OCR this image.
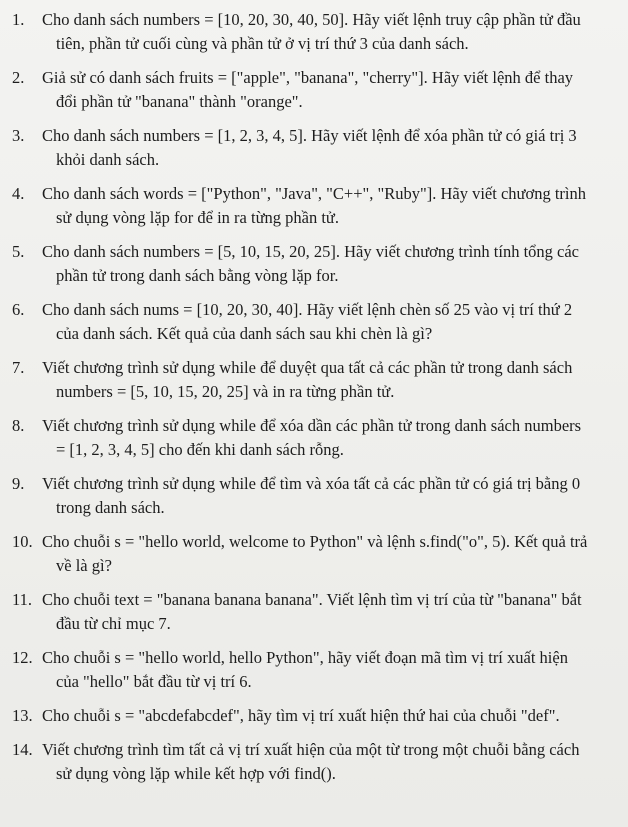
1.	Cho danh sách numbers = [10, 20, 30, 40, 50]. Hãy viết lệnh truy cập phần tử đầu
tiên, phần tử cuối cùng và phần tử ở vị trí thứ 3 của danh sách.

2.	Giả sử có danh sách fruits = ["apple", "banana", "cherry"]. Hãy viết lệnh để thay
đổi phần tử "banana" thành "orange".

3.	Cho danh sách numbers = [1, 2, 3, 4, 5]. Hãy viết lệnh để xóa phần tử có giá trị 3
khỏi danh sách.

4.	Cho danh sách words = ["Python", "Java", "C++", "Ruby"]. Hãy viết chương trình
sử dụng vòng lặp for để in ra từng phần tử.

5.	Cho danh sách numbers = [5, 10, 15, 20, 25]. Hãy viết chương trình tính tổng các
phần tử trong danh sách bằng vòng lặp for.

6.	Cho danh sách nums = [10, 20, 30, 40]. Hãy viết lệnh chèn số 25 vào vị trí thứ 2
của danh sách. Kết quả của danh sách sau khi chèn là gì?

7.	Viết chương trình sử dụng while để duyệt qua tất cả các phần tử trong danh sách
numbers = [5, 10, 15, 20, 25] và in ra từng phần tử.

8.	Viết chương trình sử dụng while để xóa dần các phần tử trong danh sách numbers
= [1, 2, 3, 4, 5] cho đến khi danh sách rỗng.

9.	Viết chương trình sử dụng while để tìm và xóa tất cả các phần tử có giá trị bằng 0
trong danh sách.

10. Cho chuỗi s = "hello world, welcome to Python" và lệnh s.find("o", 5). Kết quả trả
về là gì?

11. Cho chuỗi text = "banana banana banana". Viết lệnh tìm vị trí của từ "banana" bắt
đầu từ chỉ mục 7.

12. Cho chuỗi s = "hello world, hello Python", hãy viết đoạn mã tìm vị trí xuất hiện
của "hello" bắt đầu từ vị trí 6.

13. Cho chuỗi s = "abcdefabcdef", hãy tìm vị trí xuất hiện thứ hai của chuỗi "def".

14. Viết chương trình tìm tất cả vị trí xuất hiện của một từ trong một chuỗi bằng cách
sử dụng vòng lặp while kết hợp với find().
